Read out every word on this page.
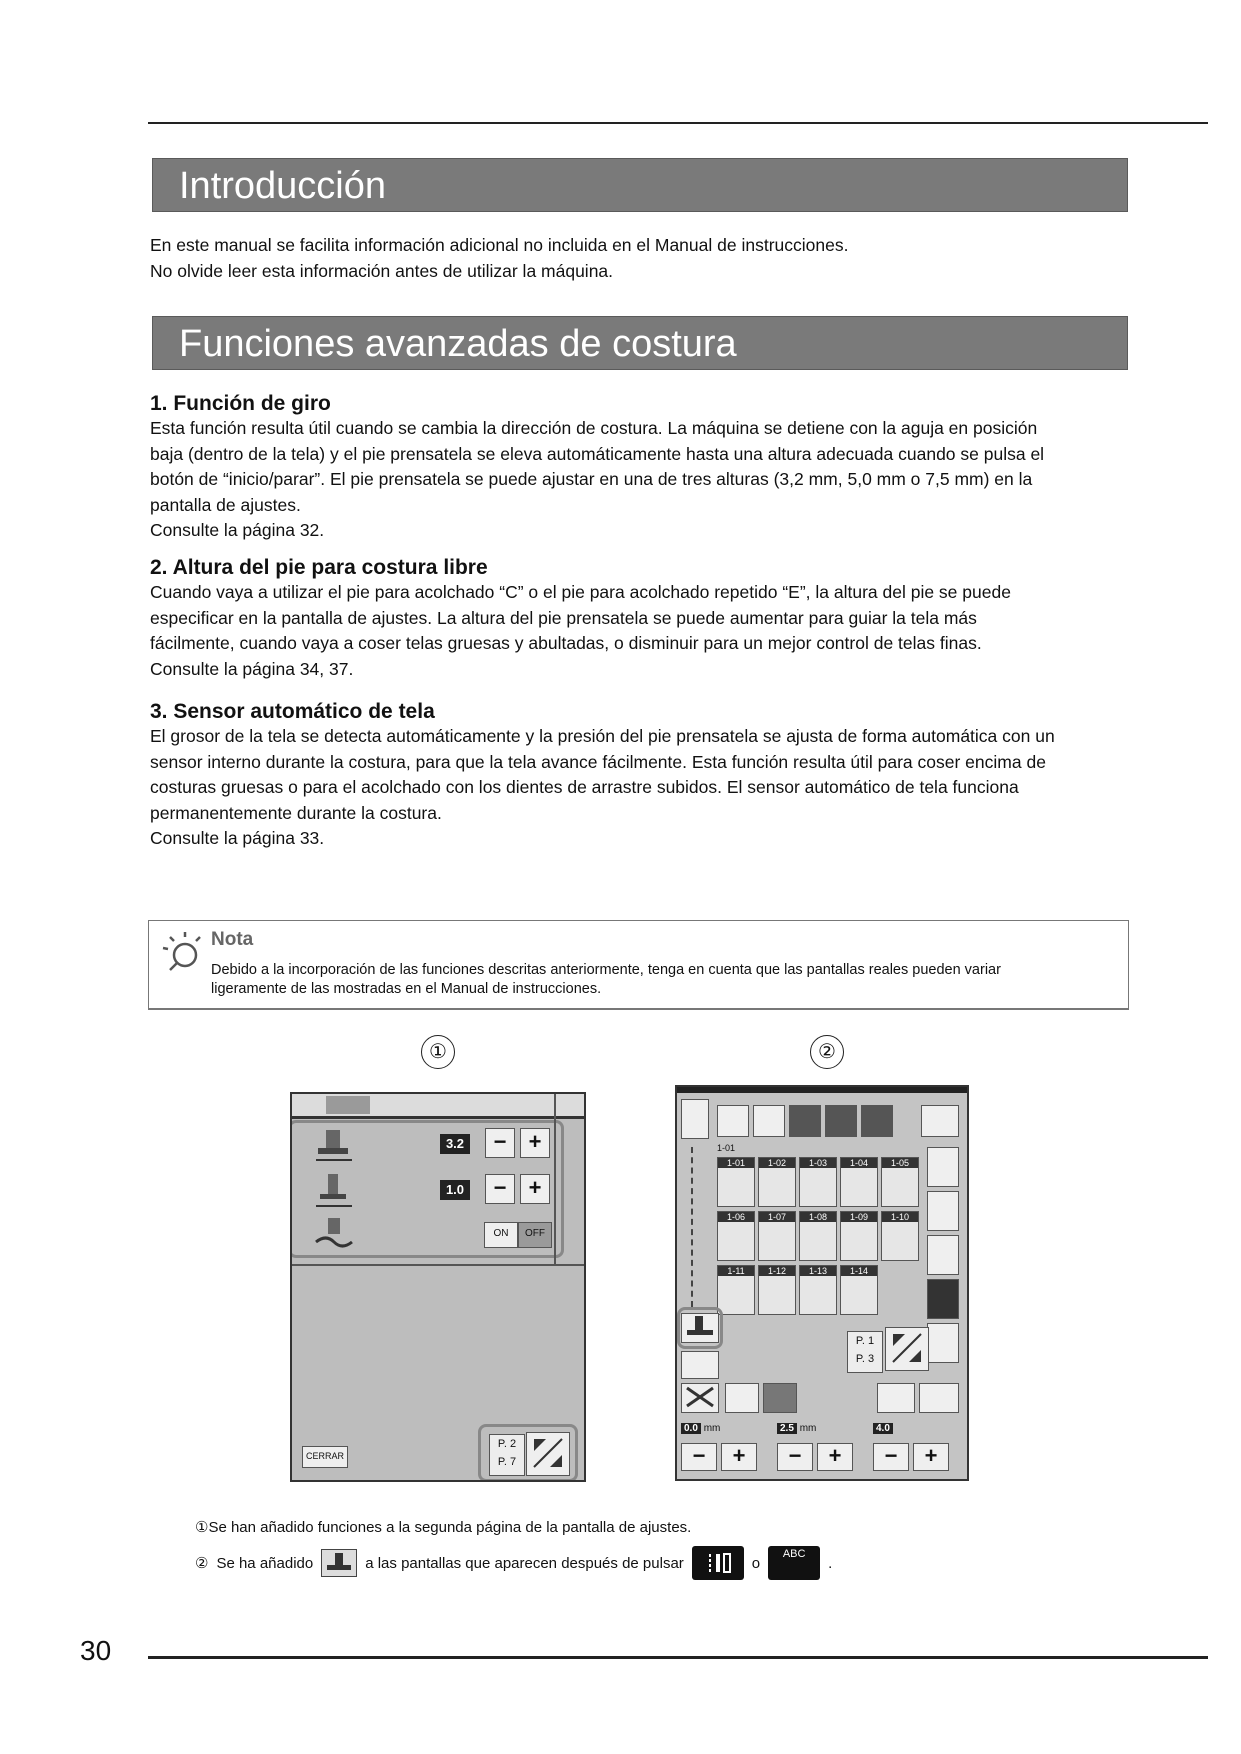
Introducción

En este manual se facilita información adicional no incluida en el Manual de instrucciones.

No olvide leer esta información antes de utilizar la máquina.

Funciones avanzadas de costura

1. Función de giro

Esta función resulta útil cuando se cambia la dirección de costura. La máquina se detiene con la aguja en posición

baja (dentro de la tela) y el pie prensatela se eleva automáticamente hasta una altura adecuada cuando se pulsa el

botón de “inicio/parar”. El pie prensatela se puede ajustar en una de tres alturas (3,2 mm, 5,0 mm o 7,5 mm) en la

pantalla de ajustes.

Consulte la página 32.

2. Altura del pie para costura libre

Cuando vaya a utilizar el pie para acolchado “C” o el pie para acolchado repetido “E”, la altura del pie se puede

especificar en la pantalla de ajustes. La altura del pie prensatela se puede aumentar para guiar la tela más

fácilmente, cuando vaya a coser telas gruesas y abultadas, o disminuir para un mejor control de telas finas.

Consulte la página 34, 37.

3. Sensor automático de tela

El grosor de la tela se detecta automáticamente y la presión del pie prensatela se ajusta de forma automática con un

sensor interno durante la costura, para que la tela avance fácilmente. Esta función resulta útil para coser encima de

costuras gruesas o para el acolchado con los dientes de arrastre subidos. El sensor automático de tela funciona

permanentemente durante la costura.

Consulte la página 33.

Nota
Debido a la incorporación de las funciones descritas anteriormente, tenga en cuenta que las pantallas reales pueden variar
ligeramente de las mostradas en el Manual de instrucciones.
①	②
3.2	−	+
1.0	−	+
ON	OFF
CERRAR
P. 2
P. 7
1-01
1-01	1-02	1-03	1-04	1-05
1-06	1-07	1-08	1-09	1-10
1-11	1-12	1-13	1-14
P. 1
P. 3
0.0 mm	2.5 mm	4.0
−	+	−	+	−	+
①Se han añadido funciones a la segunda página de la pantalla de ajustes.
② Se ha añadido	a las pantallas que aparecen después de pulsar	o
ABC
.
30
